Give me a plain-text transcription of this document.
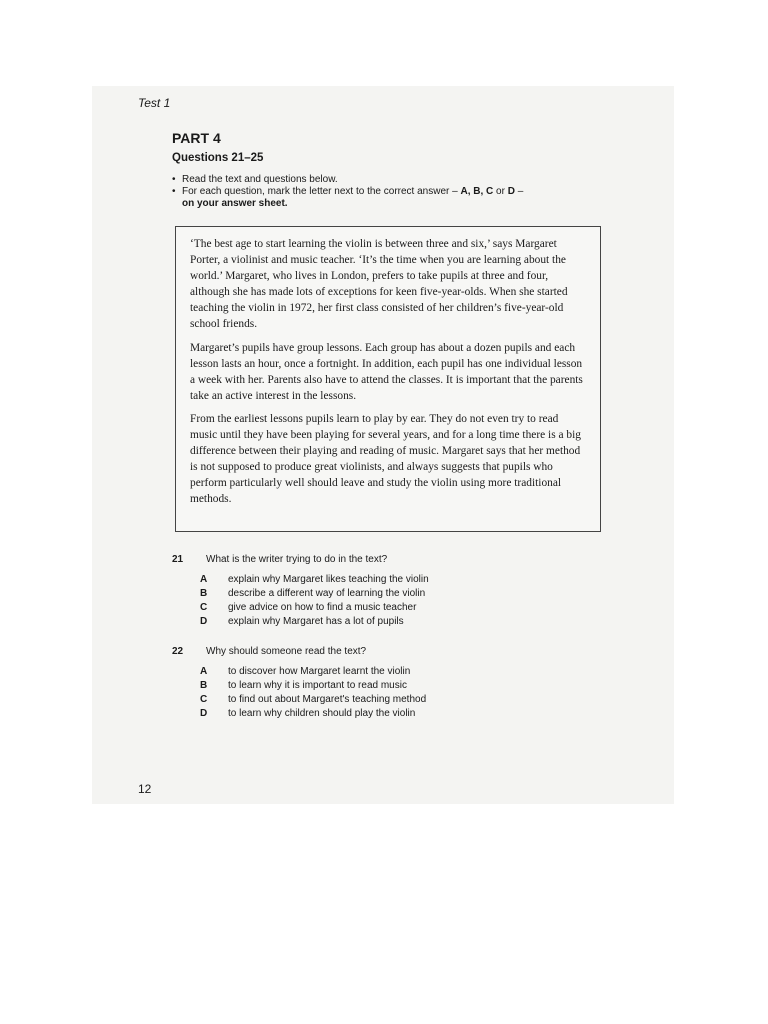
Test 1
PART 4
Questions 21–25

• Read the text and questions below.

• For each question, mark the letter next to the correct answer – A, B, C or D –
on your answer sheet.

‘The best age to start learning the violin is between three and six,’ says Margaret Porter, a violinist and music teacher. ‘It’s the time when you are learning about the world.’ Margaret, who lives in London, prefers to take pupils at three and four, although she has made lots of exceptions for keen five-year-olds. When she started teaching the violin in 1972, her first class consisted of her children’s five-year-old school friends.

Margaret’s pupils have group lessons. Each group has about a dozen pupils and each lesson lasts an hour, once a fortnight. In addition, each pupil has one individual lesson a week with her. Parents also have to attend the classes. It is important that the parents take an active interest in the lessons.

From the earliest lessons pupils learn to play by ear. They do not even try to read music until they have been playing for several years, and for a long time there is a big difference between their playing and reading of music. Margaret says that her method is not supposed to produce great violinists, and always suggests that pupils who perform particularly well should leave and study the violin using more traditional methods.

21 What is the writer trying to do in the text?
A explain why Margaret likes teaching the violin
B describe a different way of learning the violin
C give advice on how to find a music teacher
D explain why Margaret has a lot of pupils
22 Why should someone read the text?
A to discover how Margaret learnt the violin
B to learn why it is important to read music
C to find out about Margaret's teaching method
D to learn why children should play the violin
12
